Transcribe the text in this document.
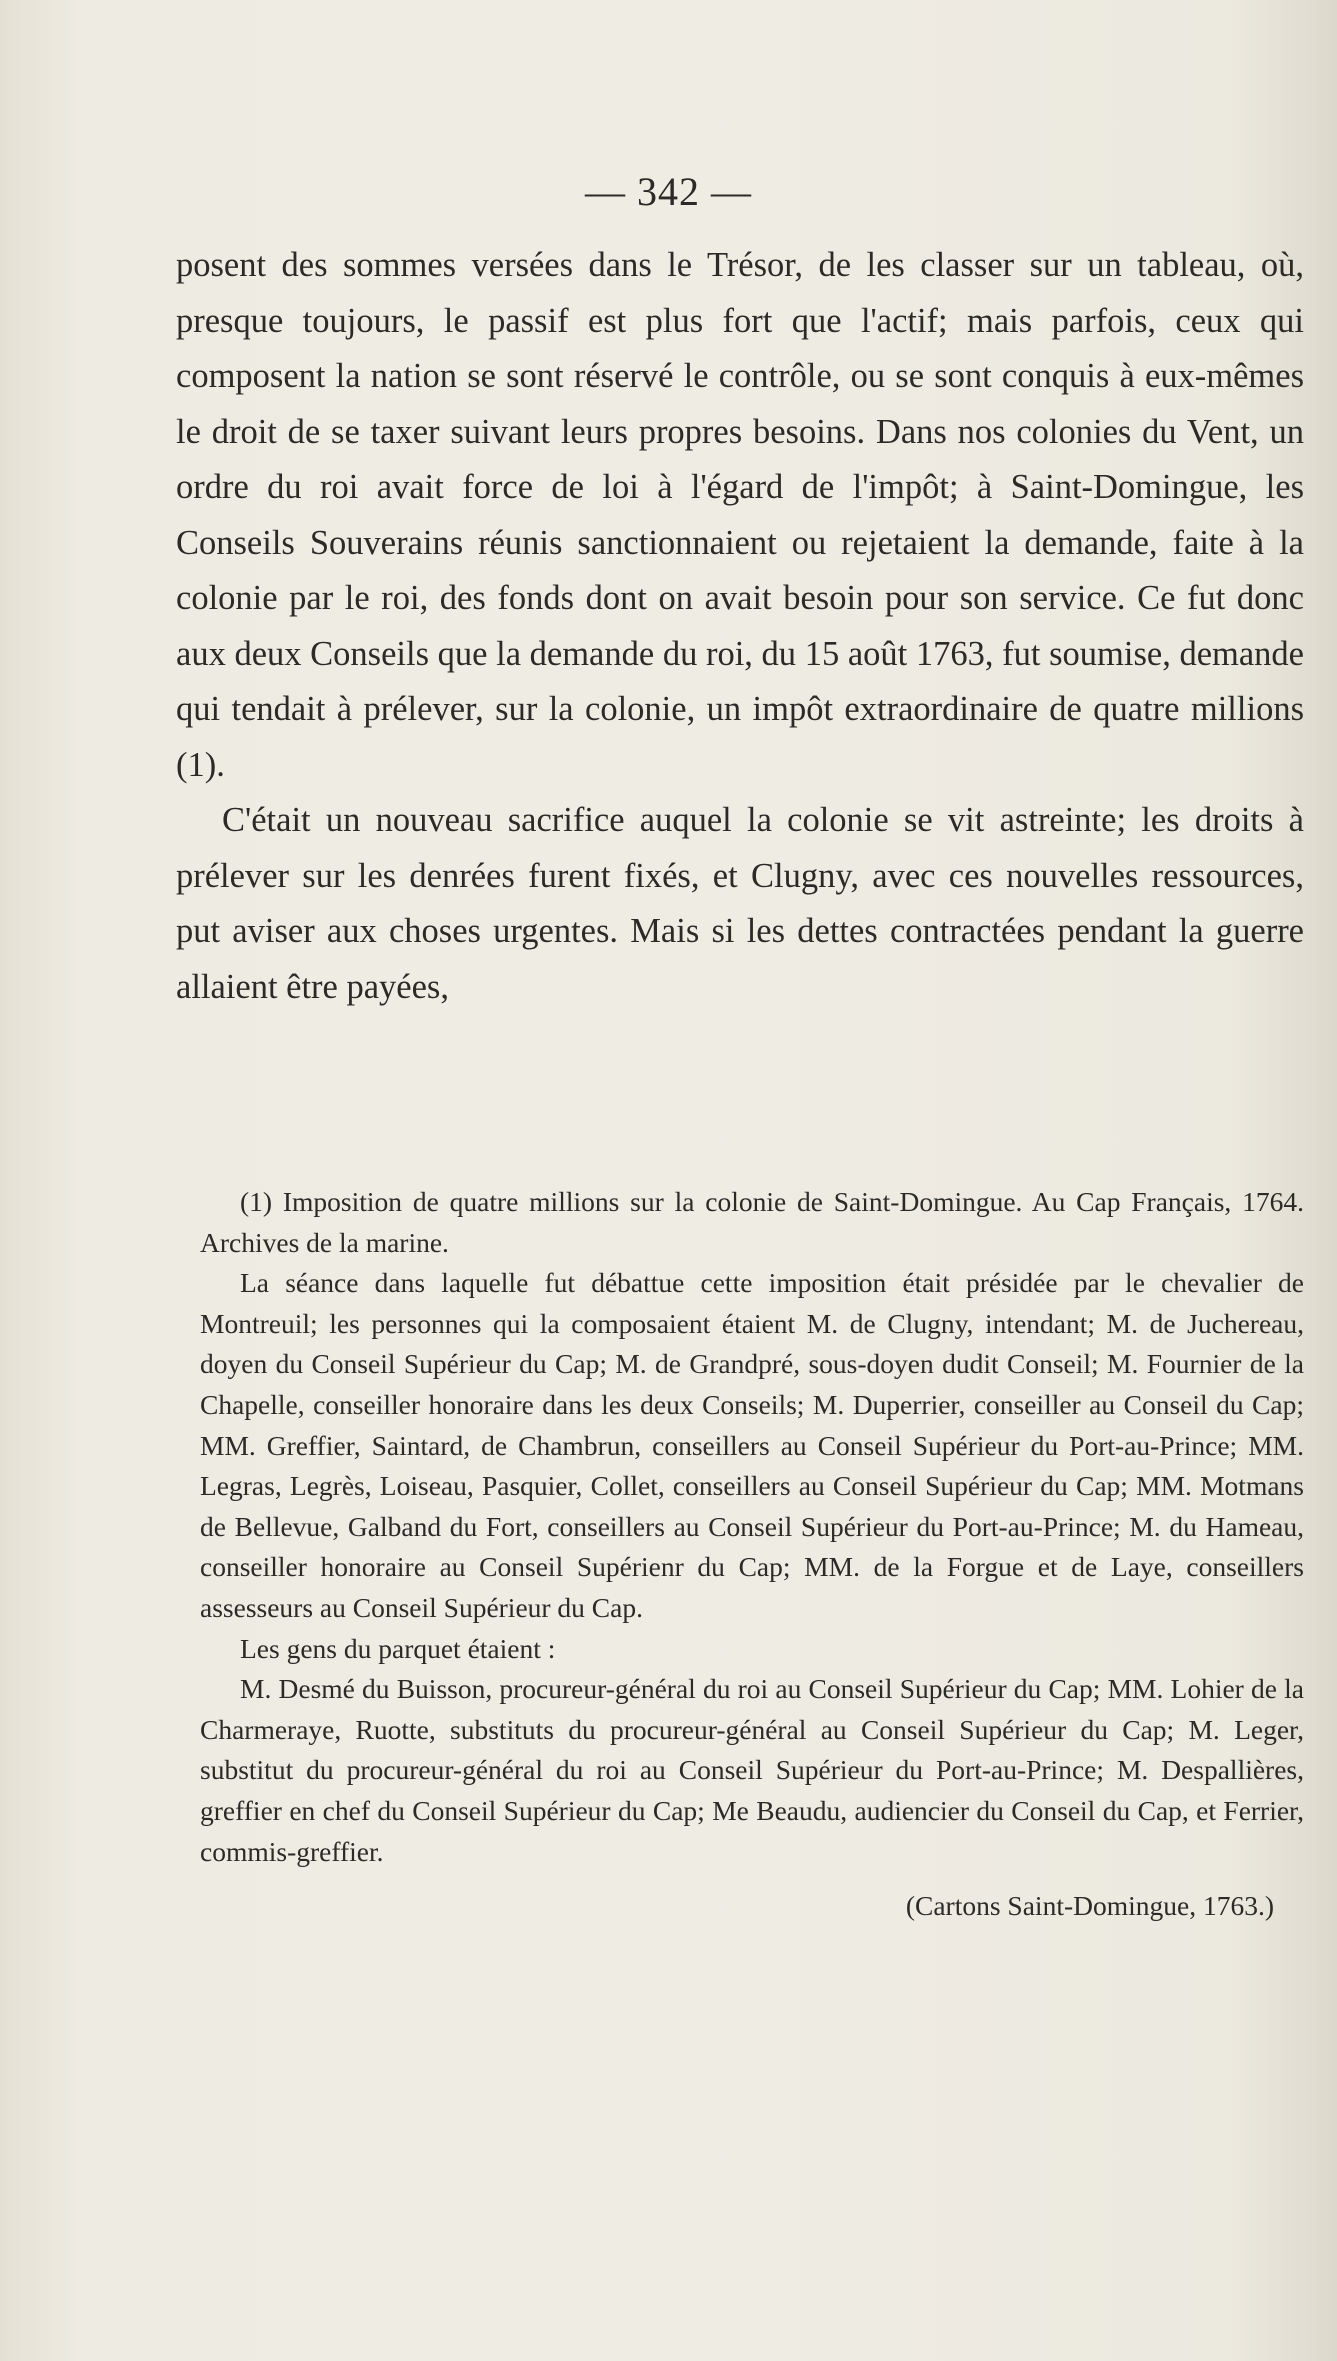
— 342 —

posent des sommes versées dans le Trésor, de les classer sur un tableau, où, presque toujours, le passif est plus fort que l'actif; mais parfois, ceux qui composent la nation se sont réservé le contrôle, ou se sont conquis à eux-mêmes le droit de se taxer suivant leurs propres besoins. Dans nos colonies du Vent, un ordre du roi avait force de loi à l'égard de l'impôt; à Saint-Domingue, les Conseils Souverains réunis sanctionnaient ou rejetaient la demande, faite à la colonie par le roi, des fonds dont on avait besoin pour son service. Ce fut donc aux deux Conseils que la demande du roi, du 15 août 1763, fut soumise, demande qui tendait à prélever, sur la colonie, un impôt extraordinaire de quatre millions (1).

C'était un nouveau sacrifice auquel la colonie se vit astreinte; les droits à prélever sur les denrées furent fixés, et Clugny, avec ces nouvelles ressources, put aviser aux choses urgentes. Mais si les dettes contractées pendant la guerre allaient être payées,

(1) Imposition de quatre millions sur la colonie de Saint-Domingue. Au Cap Français, 1764. Archives de la marine.

La séance dans laquelle fut débattue cette imposition était présidée par le chevalier de Montreuil; les personnes qui la composaient étaient M. de Clugny, intendant; M. de Juchereau, doyen du Conseil Supérieur du Cap; M. de Grandpré, sous-doyen dudit Conseil; M. Fournier de la Chapelle, conseiller honoraire dans les deux Conseils; M. Duperrier, conseiller au Conseil du Cap; MM. Greffier, Saintard, de Chambrun, conseillers au Conseil Supérieur du Port-au-Prince; MM. Legras, Legrès, Loiseau, Pasquier, Collet, conseillers au Conseil Supérieur du Cap; MM. Motmans de Bellevue, Galband du Fort, conseillers au Conseil Supérieur du Port-au-Prince; M. du Hameau, conseiller honoraire au Conseil Supérienr du Cap; MM. de la Forgue et de Laye, conseillers assesseurs au Conseil Supérieur du Cap.

Les gens du parquet étaient :

M. Desmé du Buisson, procureur-général du roi au Conseil Supérieur du Cap; MM. Lohier de la Charmeraye, Ruotte, substituts du procureur-général au Conseil Supérieur du Cap; M. Leger, substitut du procureur-général du roi au Conseil Supérieur du Port-au-Prince; M. Despallières, greffier en chef du Conseil Supérieur du Cap; Me Beaudu, audiencier du Conseil du Cap, et Ferrier, commis-greffier.

(Cartons Saint-Domingue, 1763.)
